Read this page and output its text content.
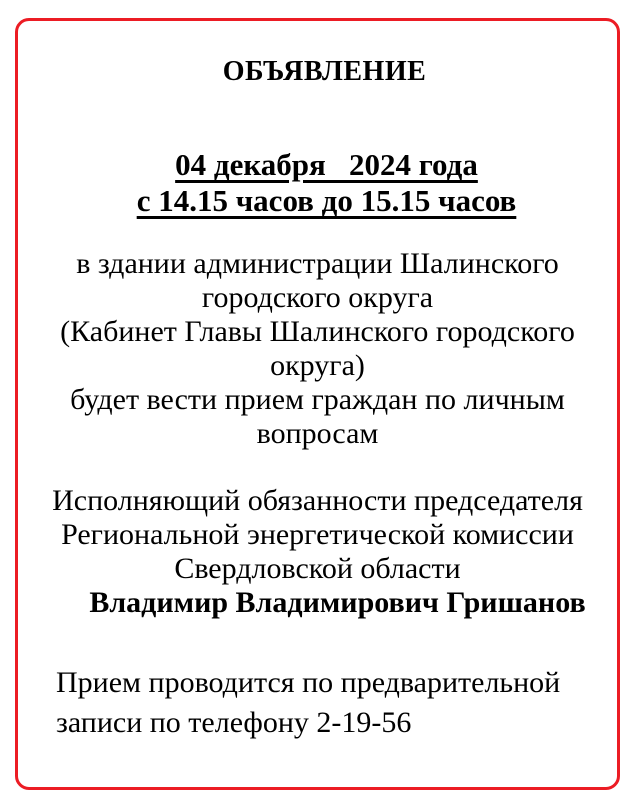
ОБЪЯВЛЕНИЕ
04 декабря   2024 года
с 14.15 часов до 15.15 часов
в здании администрации Шалинского
городского округа
(Кабинет Главы Шалинского городского
округа)
будет вести прием граждан по личным
вопросам
Исполняющий обязанности председателя
Региональной энергетической комиссии
Свердловской области
Владимир Владимирович Гришанов
Прием проводится по предварительной
записи по телефону 2-19-56
